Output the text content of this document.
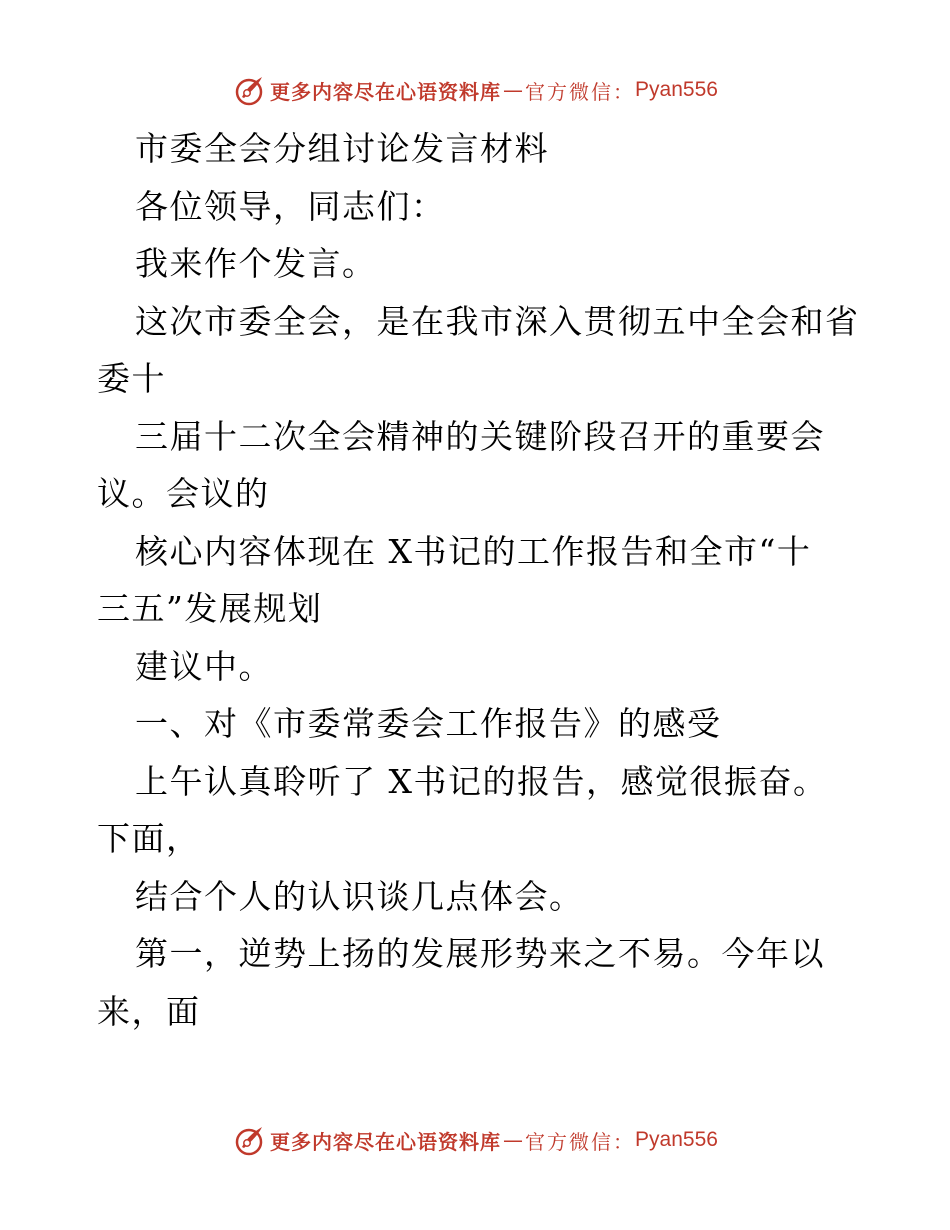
更多内容尽在心语资料库 — 官方微信： Pyan556
市委全会分组讨论发言材料
各位领导，同志们：
我来作个发言。
这次市委全会，是在我市深入贯彻五中全会和省
委十
三届十二次全会精神的关键阶段召开的重要会
议。会议的
核心内容体现在 X书记的工作报告和全市“十
三五”发展规划
建议中。
一、对《市委常委会工作报告》的感受
上午认真聆听了 X书记的报告，感觉很振奋。
下面，
结合个人的认识谈几点体会。
第一，逆势上扬的发展形势来之不易。今年以
来，面
更多内容尽在心语资料库 — 官方微信： Pyan556
